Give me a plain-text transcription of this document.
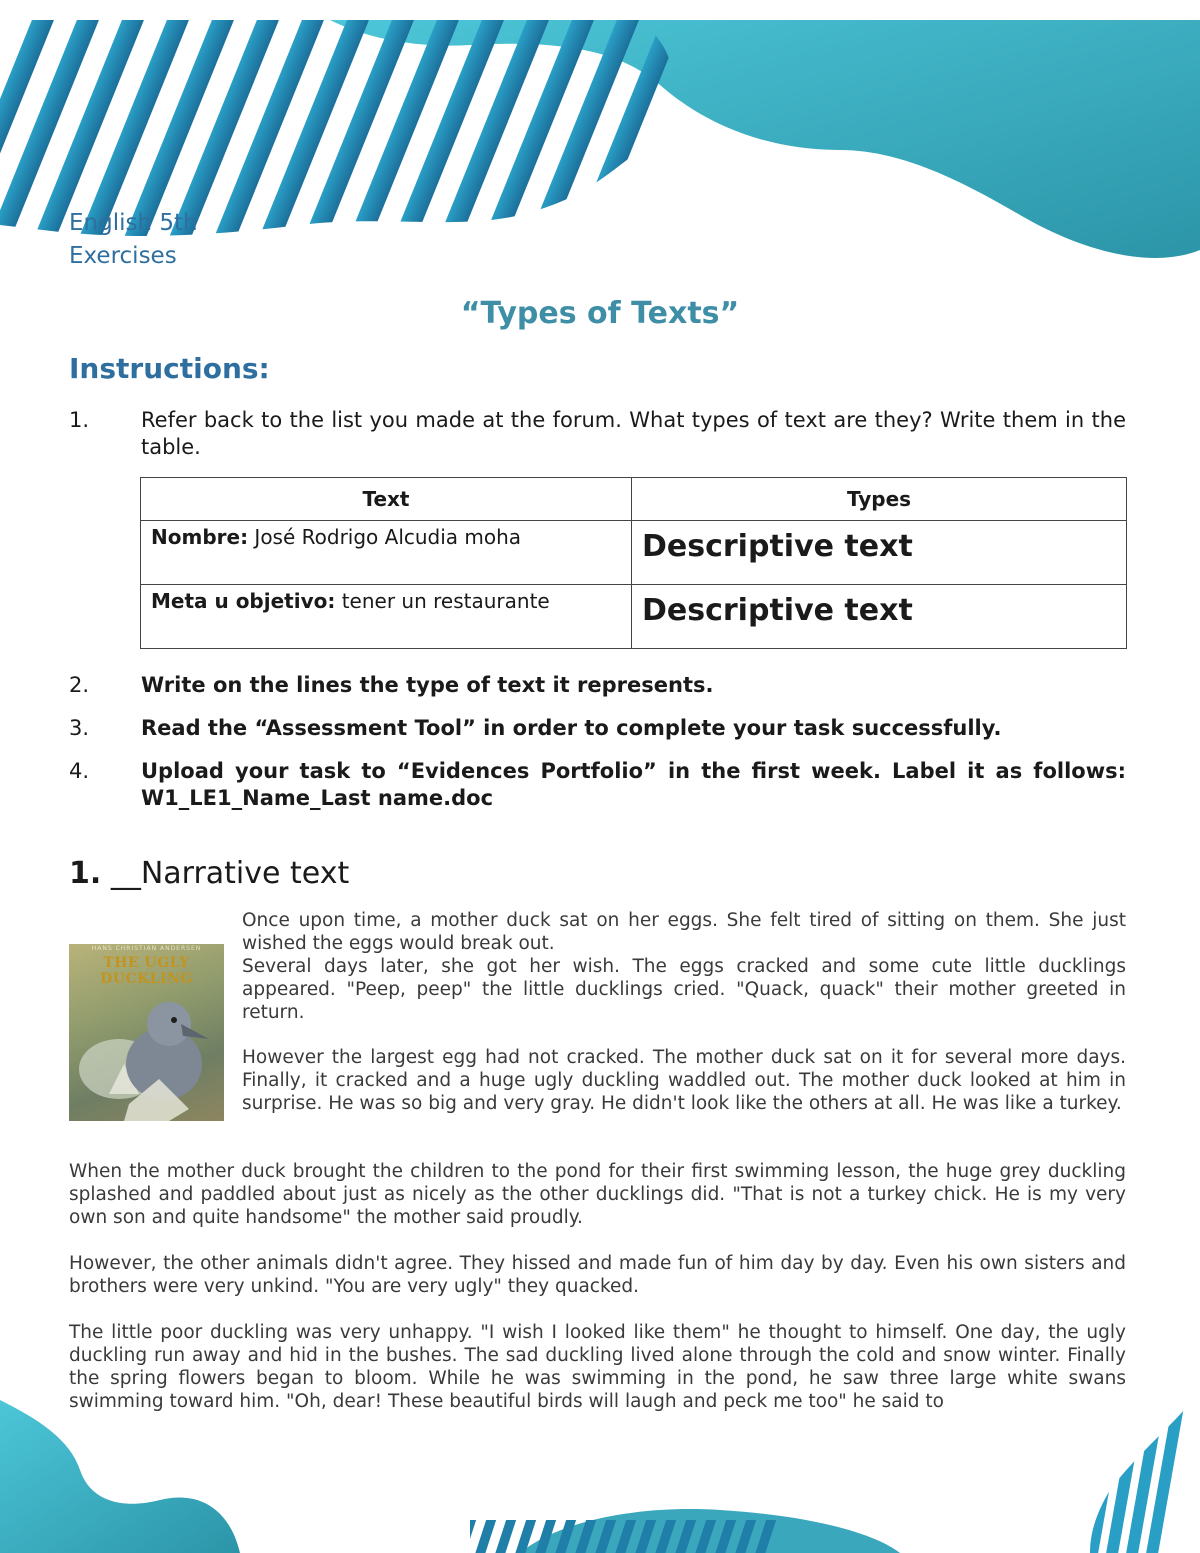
English 5th
Exercises
“Types of Texts”
Instructions:
1. Refer back to the list you made at the forum. What types of text are they? Write them in the table.
Text	Types
Nombre: José Rodrigo Alcudia moha	Descriptive text
Meta u objetivo: tener un restaurante	Descriptive text
2. Write on the lines the type of text it represents.
3. Read the “Assessment Tool” in order to complete your task successfully.
4. Upload your task to “Evidences Portfolio” in the first week. Label it as follows: W1_LE1_Name_Last name.doc
1. __Narrative text
HANS CHRISTIAN ANDERSEN
THE UGLY DUCKLING
Once upon time, a mother duck sat on her eggs. She felt tired of sitting on them. She just wished the eggs would break out.
Several days later, she got her wish. The eggs cracked and some cute little ducklings appeared. "Peep, peep" the little ducklings cried. "Quack, quack" their mother greeted in return.
However the largest egg had not cracked. The mother duck sat on it for several more days. Finally, it cracked and a huge ugly duckling waddled out. The mother duck looked at him in surprise. He was so big and very gray. He didn't look like the others at all. He was like a turkey.
When the mother duck brought the children to the pond for their first swimming lesson, the huge grey duckling splashed and paddled about just as nicely as the other ducklings did. "That is not a turkey chick. He is my very own son and quite handsome" the mother said proudly.
However, the other animals didn't agree. They hissed and made fun of him day by day. Even his own sisters and brothers were very unkind. "You are very ugly" they quacked.
The little poor duckling was very unhappy. "I wish I looked like them" he thought to himself. One day, the ugly duckling run away and hid in the bushes. The sad duckling lived alone through the cold and snow winter. Finally the spring flowers began to bloom. While he was swimming in the pond, he saw three large white swans swimming toward him. "Oh, dear! These beautiful birds will laugh and peck me too" he said to
